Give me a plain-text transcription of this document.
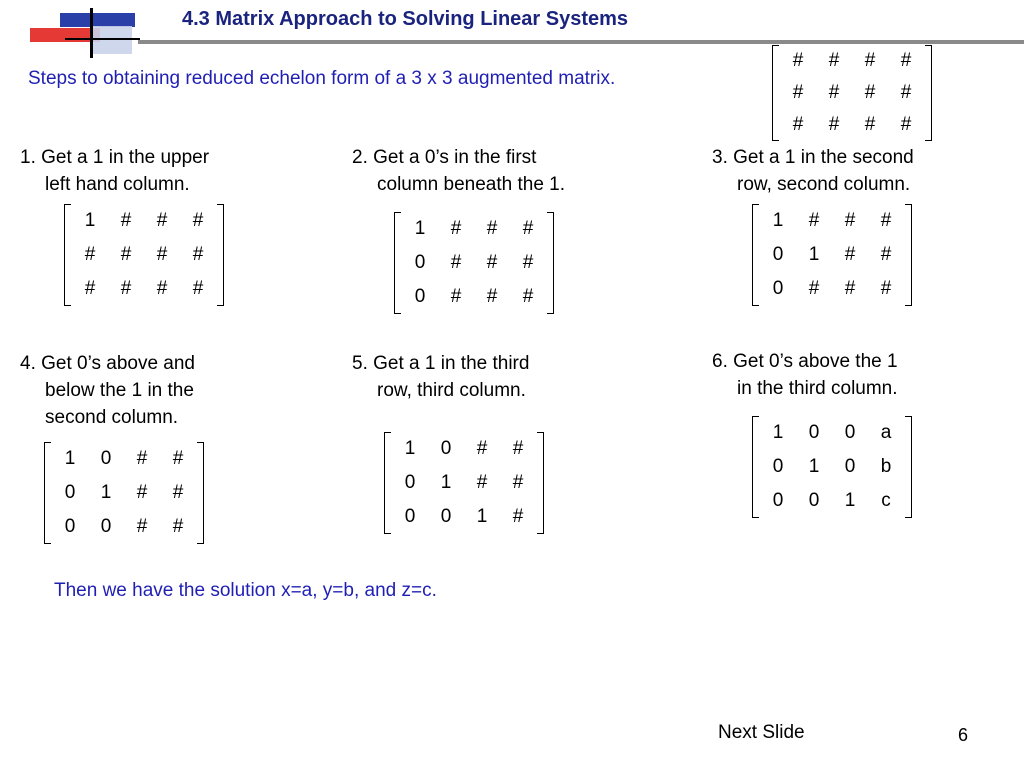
4.3 Matrix Approach to Solving Linear Systems
Steps to obtaining reduced echelon form of a 3 x 3 augmented matrix.
#	#	#	#
#	#	#	#
#	#	#	#
1. Get a 1 in the upper
left hand column.
1	#	#	#
#	#	#	#
#	#	#	#
2. Get a 0’s in the first
column beneath the 1.
1	#	#	#
0	#	#	#
0	#	#	#
3. Get a 1 in the second
row, second column.
1	#	#	#
0	1	#	#
0	#	#	#
4. Get 0’s above and
below the 1 in the
second column.
1	0	#	#
0	1	#	#
0	0	#	#
5. Get a 1 in the third
row, third column.
1	0	#	#
0	1	#	#
0	0	1	#
6. Get 0’s above the 1
in the third column.
1	0	0	a
0	1	0	b
0	0	1	c
Then we have the solution x=a, y=b, and z=c.
Next Slide	6
